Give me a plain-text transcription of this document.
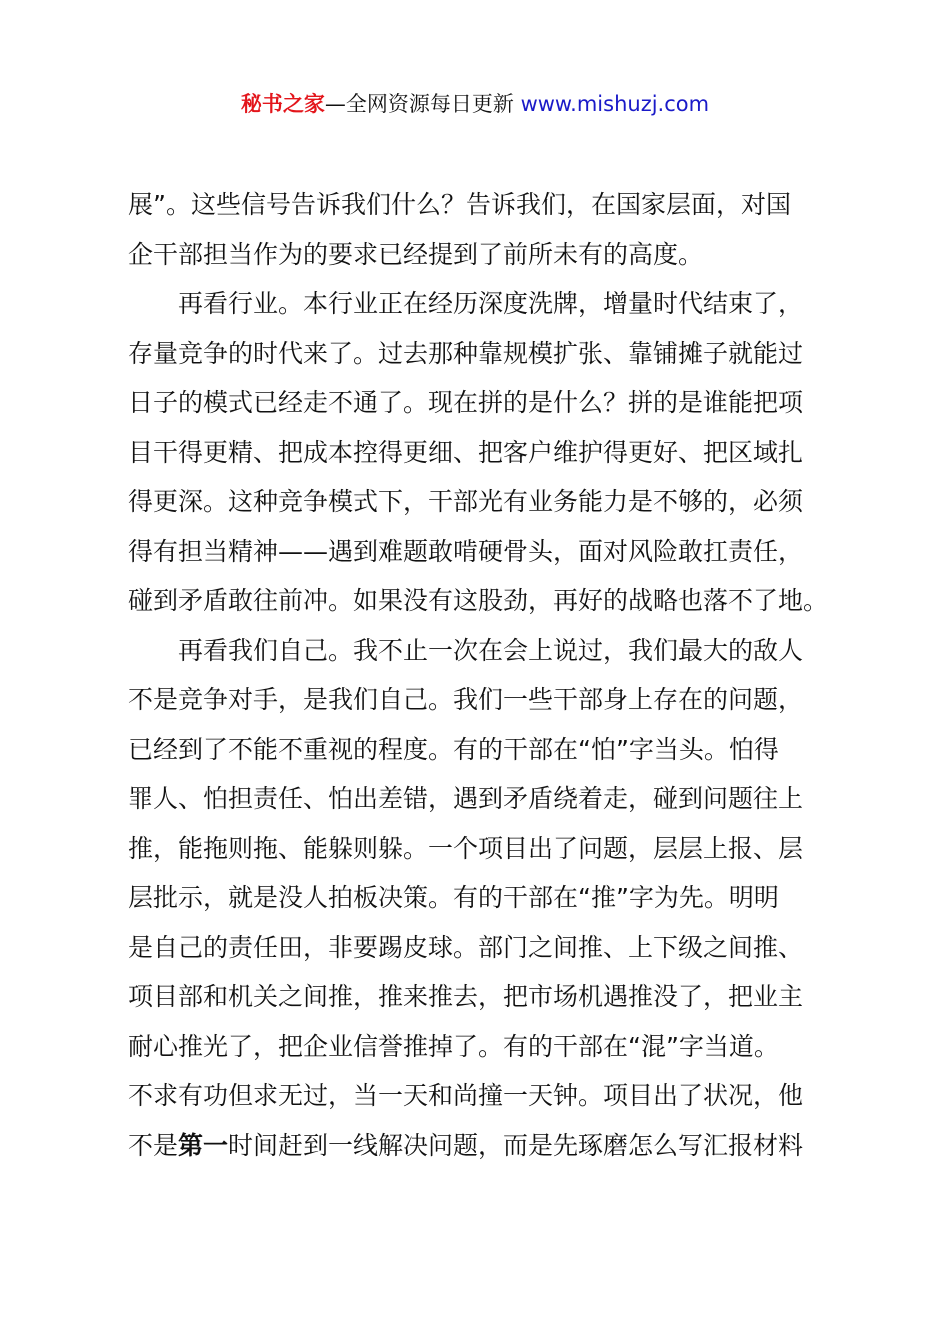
秘书之家—全网资源每日更新 www.mishuzj.com
展”。这些信号告诉我们什么？告诉我们，在国家层面，对国
企干部担当作为的要求已经提到了前所未有的高度。
　　再看行业。本行业正在经历深度洗牌，增量时代结束了，
存量竞争的时代来了。过去那种靠规模扩张、靠铺摊子就能过
日子的模式已经走不通了。现在拼的是什么？拼的是谁能把项
目干得更精、把成本控得更细、把客户维护得更好、把区域扎
得更深。这种竞争模式下，干部光有业务能力是不够的，必须
得有担当精神——遇到难题敢啃硬骨头，面对风险敢扛责任，
碰到矛盾敢往前冲。如果没有这股劲，再好的战略也落不了地。
　　再看我们自己。我不止一次在会上说过，我们最大的敌人
不是竞争对手，是我们自己。我们一些干部身上存在的问题，
已经到了不能不重视的程度。有的干部在“怕”字当头。怕得
罪人、怕担责任、怕出差错，遇到矛盾绕着走，碰到问题往上
推，能拖则拖、能躲则躲。一个项目出了问题，层层上报、层
层批示，就是没人拍板决策。有的干部在“推”字为先。明明
是自己的责任田，非要踢皮球。部门之间推、上下级之间推、
项目部和机关之间推，推来推去，把市场机遇推没了，把业主
耐心推光了，把企业信誉推掉了。有的干部在“混”字当道。
不求有功但求无过，当一天和尚撞一天钟。项目出了状况，他
不是第一时间赶到一线解决问题，而是先琢磨怎么写汇报材料
